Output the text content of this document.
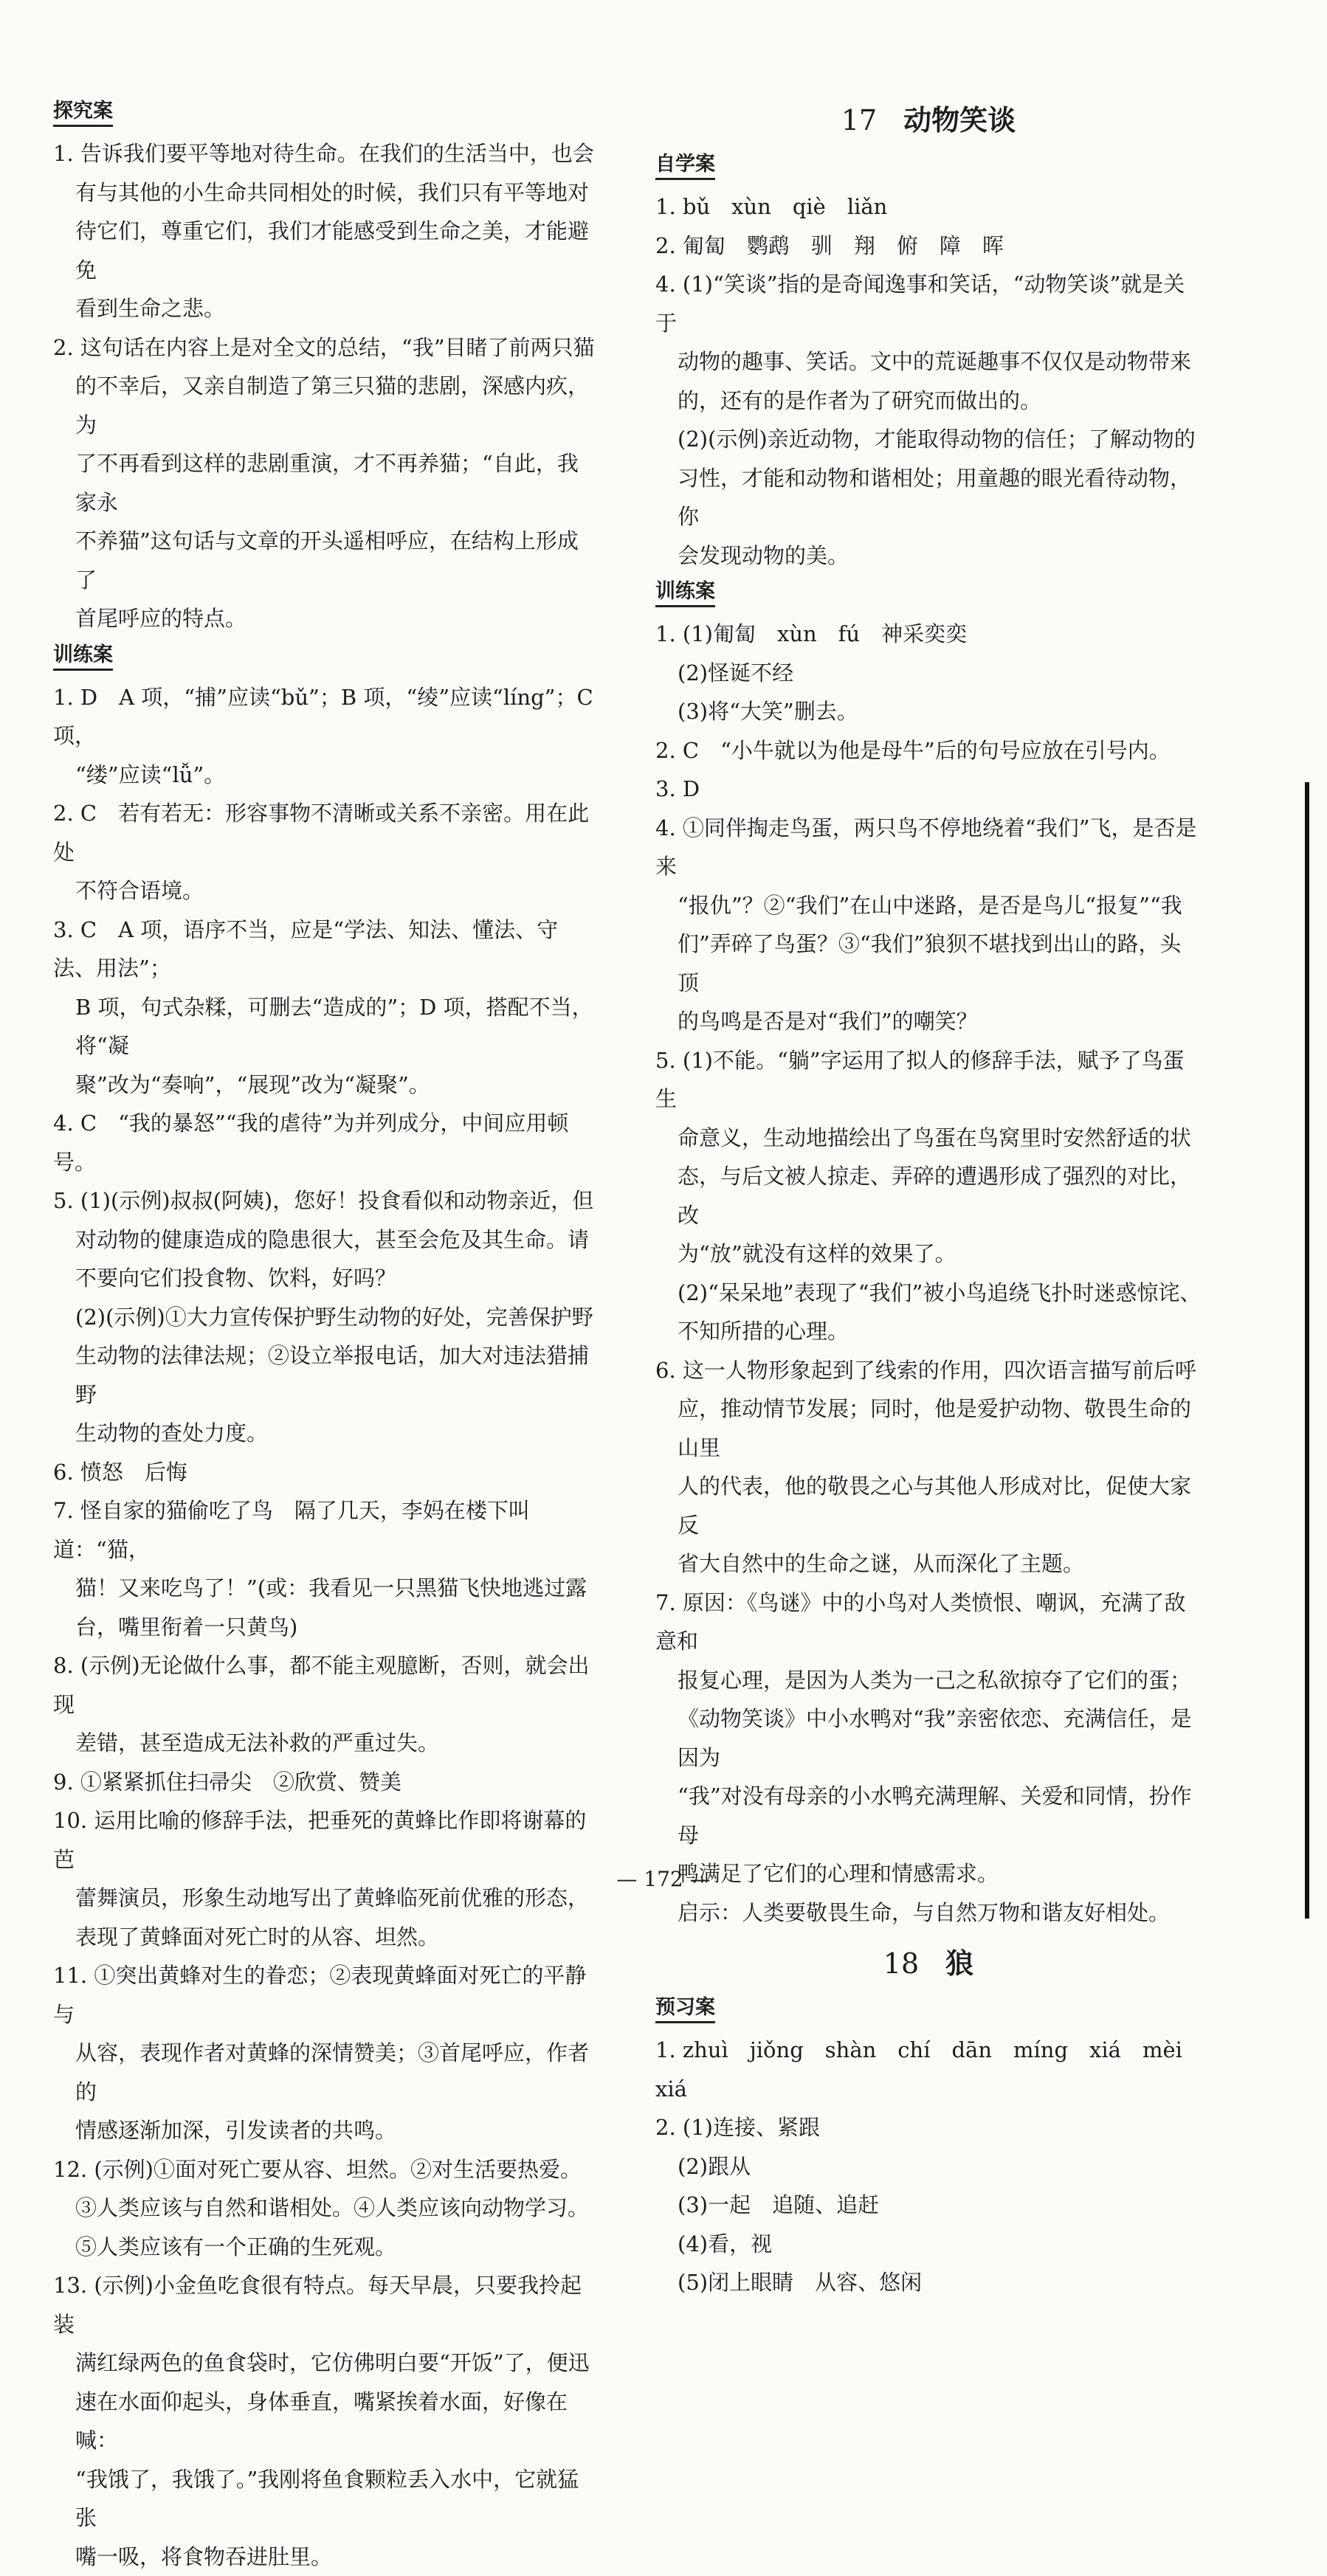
探究案

1. 告诉我们要平等地对待生命。在我们的生活当中，也会

有与其他的小生命共同相处的时候，我们只有平等地对

待它们，尊重它们，我们才能感受到生命之美，才能避免

看到生命之悲。

2. 这句话在内容上是对全文的总结，“我”目睹了前两只猫

的不幸后，又亲自制造了第三只猫的悲剧，深感内疚，为

了不再看到这样的悲剧重演，才不再养猫；“自此，我家永

不养猫”这句话与文章的开头遥相呼应，在结构上形成了

首尾呼应的特点。

训练案

1. D　A 项，“捕”应读“bǔ”；B 项，“绫”应读“líng”；C 项，

“缕”应读“lǚ”。

2. C　若有若无：形容事物不清晰或关系不亲密。用在此处

不符合语境。

3. C　A 项，语序不当，应是“学法、知法、懂法、守法、用法”；

B 项，句式杂糅，可删去“造成的”；D 项，搭配不当，将“凝

聚”改为“奏响”，“展现”改为“凝聚”。

4. C　“我的暴怒”“我的虐待”为并列成分，中间应用顿号。

5. (1)(示例)叔叔(阿姨)，您好！投食看似和动物亲近，但

对动物的健康造成的隐患很大，甚至会危及其生命。请

不要向它们投食物、饮料，好吗？

(2)(示例)①大力宣传保护野生动物的好处，完善保护野

生动物的法律法规；②设立举报电话，加大对违法猎捕野

生动物的查处力度。

6. 愤怒　后悔

7. 怪自家的猫偷吃了鸟　隔了几天，李妈在楼下叫道：“猫，

猫！又来吃鸟了！”(或：我看见一只黑猫飞快地逃过露

台，嘴里衔着一只黄鸟)

8. (示例)无论做什么事，都不能主观臆断，否则，就会出现

差错，甚至造成无法补救的严重过失。

9. ①紧紧抓住扫帚尖　②欣赏、赞美

10. 运用比喻的修辞手法，把垂死的黄蜂比作即将谢幕的芭

蕾舞演员，形象生动地写出了黄蜂临死前优雅的形态，

表现了黄蜂面对死亡时的从容、坦然。

11. ①突出黄蜂对生的眷恋；②表现黄蜂面对死亡的平静与

从容，表现作者对黄蜂的深情赞美；③首尾呼应，作者的

情感逐渐加深，引发读者的共鸣。

12. (示例)①面对死亡要从容、坦然。②对生活要热爱。

③人类应该与自然和谐相处。④人类应该向动物学习。

⑤人类应该有一个正确的生死观。

13. (示例)小金鱼吃食很有特点。每天早晨，只要我拎起装

满红绿两色的鱼食袋时，它仿佛明白要“开饭”了，便迅

速在水面仰起头，身体垂直，嘴紧挨着水面，好像在喊：

“我饿了，我饿了。”我刚将鱼食颗粒丢入水中，它就猛张

嘴一吸，将食物吞进肚里。

17 动物笑谈
自学案

1. bǔ　xùn　qiè　liǎn

2. 匍匐　鹦鹉　驯　翔　俯　障　晖

4. (1)“笑谈”指的是奇闻逸事和笑话，“动物笑谈”就是关于

动物的趣事、笑话。文中的荒诞趣事不仅仅是动物带来

的，还有的是作者为了研究而做出的。

(2)(示例)亲近动物，才能取得动物的信任；了解动物的

习性，才能和动物和谐相处；用童趣的眼光看待动物，你

会发现动物的美。

训练案

1. (1)匍匐　xùn　fú　神采奕奕

(2)怪诞不经

(3)将“大笑”删去。

2. C　“小牛就以为他是母牛”后的句号应放在引号内。

3. D

4. ①同伴掏走鸟蛋，两只鸟不停地绕着“我们”飞，是否是来

“报仇”？②“我们”在山中迷路，是否是鸟儿“报复”“我

们”弄碎了鸟蛋？③“我们”狼狈不堪找到出山的路，头顶

的鸟鸣是否是对“我们”的嘲笑？

5. (1)不能。“躺”字运用了拟人的修辞手法，赋予了鸟蛋生

命意义，生动地描绘出了鸟蛋在鸟窝里时安然舒适的状

态，与后文被人掠走、弄碎的遭遇形成了强烈的对比，改

为“放”就没有这样的效果了。

(2)“呆呆地”表现了“我们”被小鸟追绕飞扑时迷惑惊诧、

不知所措的心理。

6. 这一人物形象起到了线索的作用，四次语言描写前后呼

应，推动情节发展；同时，他是爱护动物、敬畏生命的山里

人的代表，他的敬畏之心与其他人形成对比，促使大家反

省大自然中的生命之谜，从而深化了主题。

7. 原因：《鸟谜》中的小鸟对人类愤恨、嘲讽，充满了敌意和

报复心理，是因为人类为一己之私欲掠夺了它们的蛋；

《动物笑谈》中小水鸭对“我”亲密依恋、充满信任，是因为

“我”对没有母亲的小水鸭充满理解、关爱和同情，扮作母

鸭满足了它们的心理和情感需求。

启示：人类要敬畏生命，与自然万物和谐友好相处。

18 狼
预习案

1. zhuì　jiǒng　shàn　chí　dān　míng　xiá　mèi　xiá

2. (1)连接、紧跟

(2)跟从

(3)一起　追随、追赶

(4)看，视

(5)闭上眼睛　从容、悠闲

— 172 —
